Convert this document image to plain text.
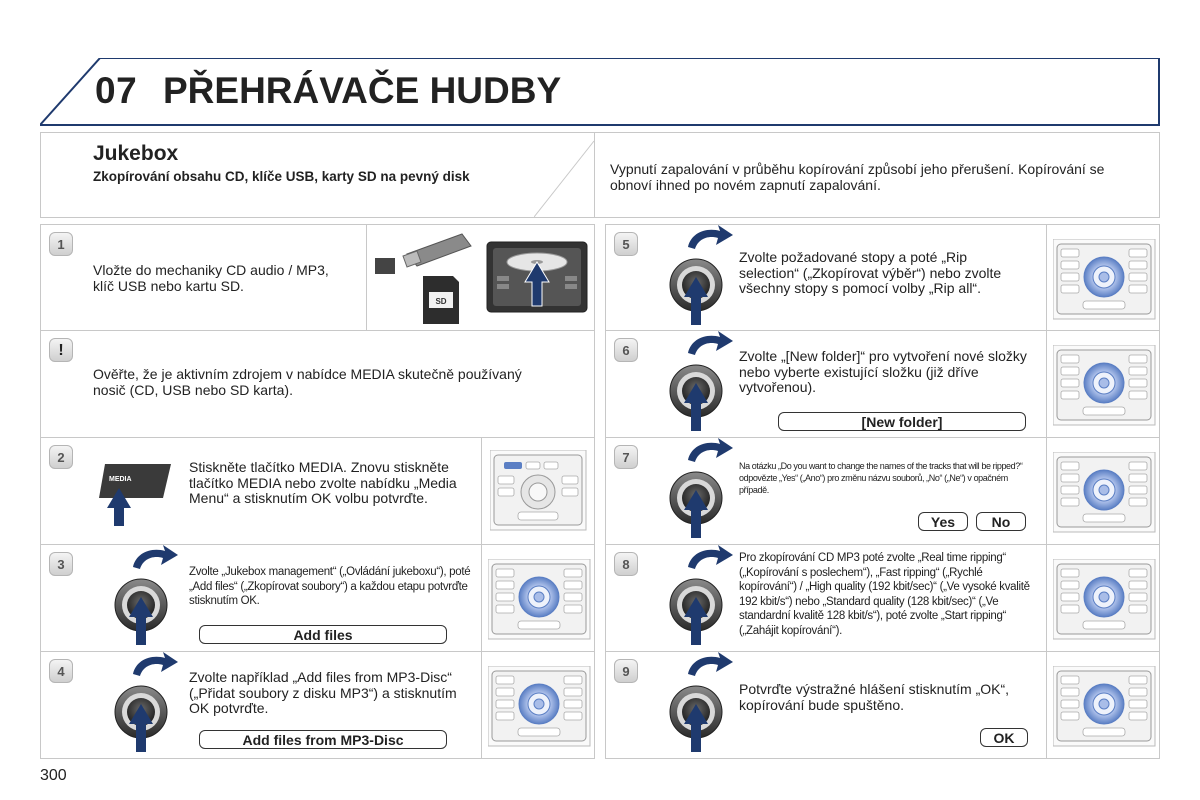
07 PŘEHRÁVAČE HUDBY
Jukebox
Zkopírování obsahu CD, klíče USB, karty SD na pevný disk	Vypnutí zapalování v průběhu kopírování způsobí jeho přerušení. Kopírování se obnoví ihned po novém zapnutí zapalování.
1
Vložte do mechaniky CD audio / MP3, klíč USB nebo kartu SD.
SD
!
Ověřte, že je aktivním zdrojem v nabídce MEDIA skutečně používaný nosič (CD, USB nebo SD karta).
2
MEDIA
Stiskněte tlačítko MEDIA. Znovu stiskněte tlačítko MEDIA nebo zvolte nabídku „Media Menu“ a stisknutím OK volbu potvrďte.
3	Zvolte „Jukebox management“ („Ovládání jukeboxu“), poté „Add files“ („Zkopírovat soubory“) a každou etapu potvrďte stisknutím OK.
Add files
4	Zvolte například „Add files from MP3-Disc“ („Přidat soubory z disku MP3“) a stisknutím OK potvrďte.
Add files from MP3-Disc
5
Zvolte požadované stopy a poté „Rip selection“ („Zkopírovat výběr“) nebo zvolte všechny stopy s pomocí volby „Rip all“.
6	Zvolte „[New folder]“ pro vytvoření nové složky nebo vyberte existující složku (již dříve vytvořenou).
[New folder]
7
Na otázku „Do you want to change the names of the tracks that will be ripped?“ odpovězte „Yes“ („Ano“) pro změnu názvu souborů, „No“ („Ne“) v opačném případě.
Yes	No
8	Pro zkopírování CD MP3 poté zvolte „Real time ripping“ („Kopírování s poslechem“), „Fast ripping“ („Rychlé kopírování“) / „High quality (192 kbit/sec)“ („Ve vysoké kvalitě 192 kbit/s“) nebo „Standard quality (128 kbit/sec)“ („Ve standardní kvalitě 128 kbit/s“), poté zvolte „Start ripping“ („Zahájit kopírování“).
9
Potvrďte výstražné hlášení stisknutím „OK“, kopírování bude spuštěno.
OK
300
